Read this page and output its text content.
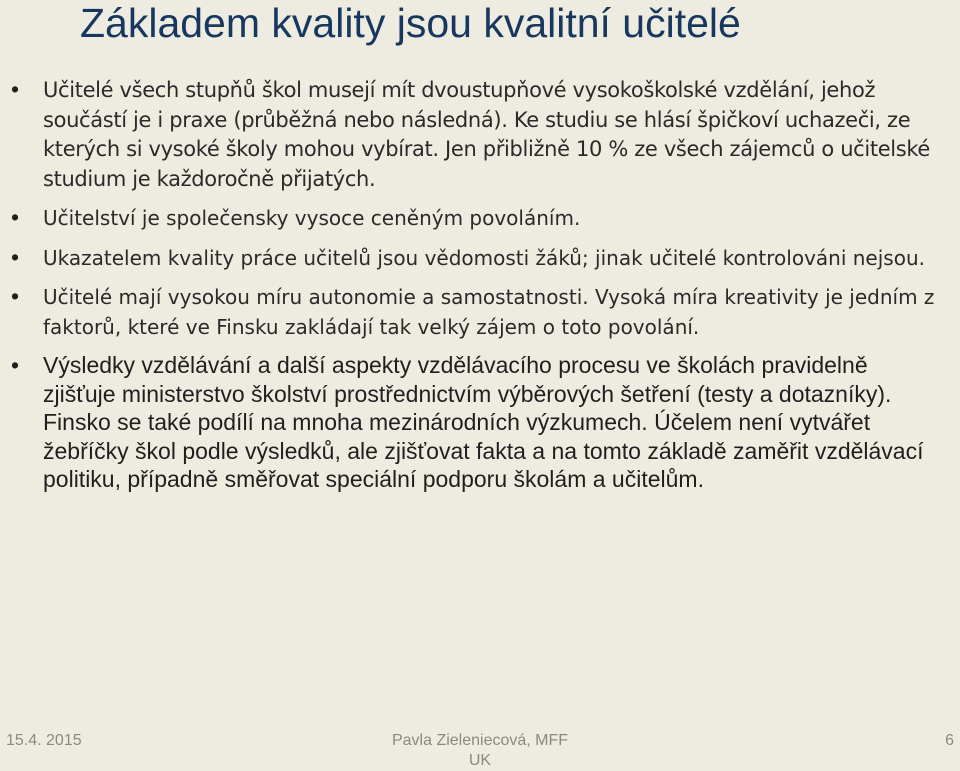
Základem kvality jsou kvalitní učitelé
• Učitelé všech stupňů škol musejí mít dvoustupňové vysokoškolské vzdělání, jehož součástí je i praxe (průběžná nebo následná). Ke studiu se hlásí špičkoví uchazeči, ze kterých si vysoké školy mohou vybírat. Jen přibližně 10 % ze všech zájemců o učitelské studium je každoročně přijatých.
• Učitelství je společensky vysoce ceněným povoláním.
• Ukazatelem kvality práce učitelů jsou vědomosti žáků; jinak učitelé kontrolováni nejsou.
• Učitelé mají vysokou míru autonomie a samostatnosti. Vysoká míra kreativity je jedním z faktorů, které ve Finsku zakládají tak velký zájem o toto povolání.
• Výsledky vzdělávání a další aspekty vzdělávacího procesu ve školách pravidelně zjišťuje ministerstvo školství prostřednictvím výběrových šetření (testy a dotazníky). Finsko se také podílí na mnoha mezinárodních výzkumech. Účelem není vytvářet žebříčky škol podle výsledků, ale zjišťovat fakta a na tomto základě zaměřit vzdělávací politiku, případně směřovat speciální podporu školám a učitelům.
15.4. 2015	Pavla Zieleniecová, MFF UK
6
